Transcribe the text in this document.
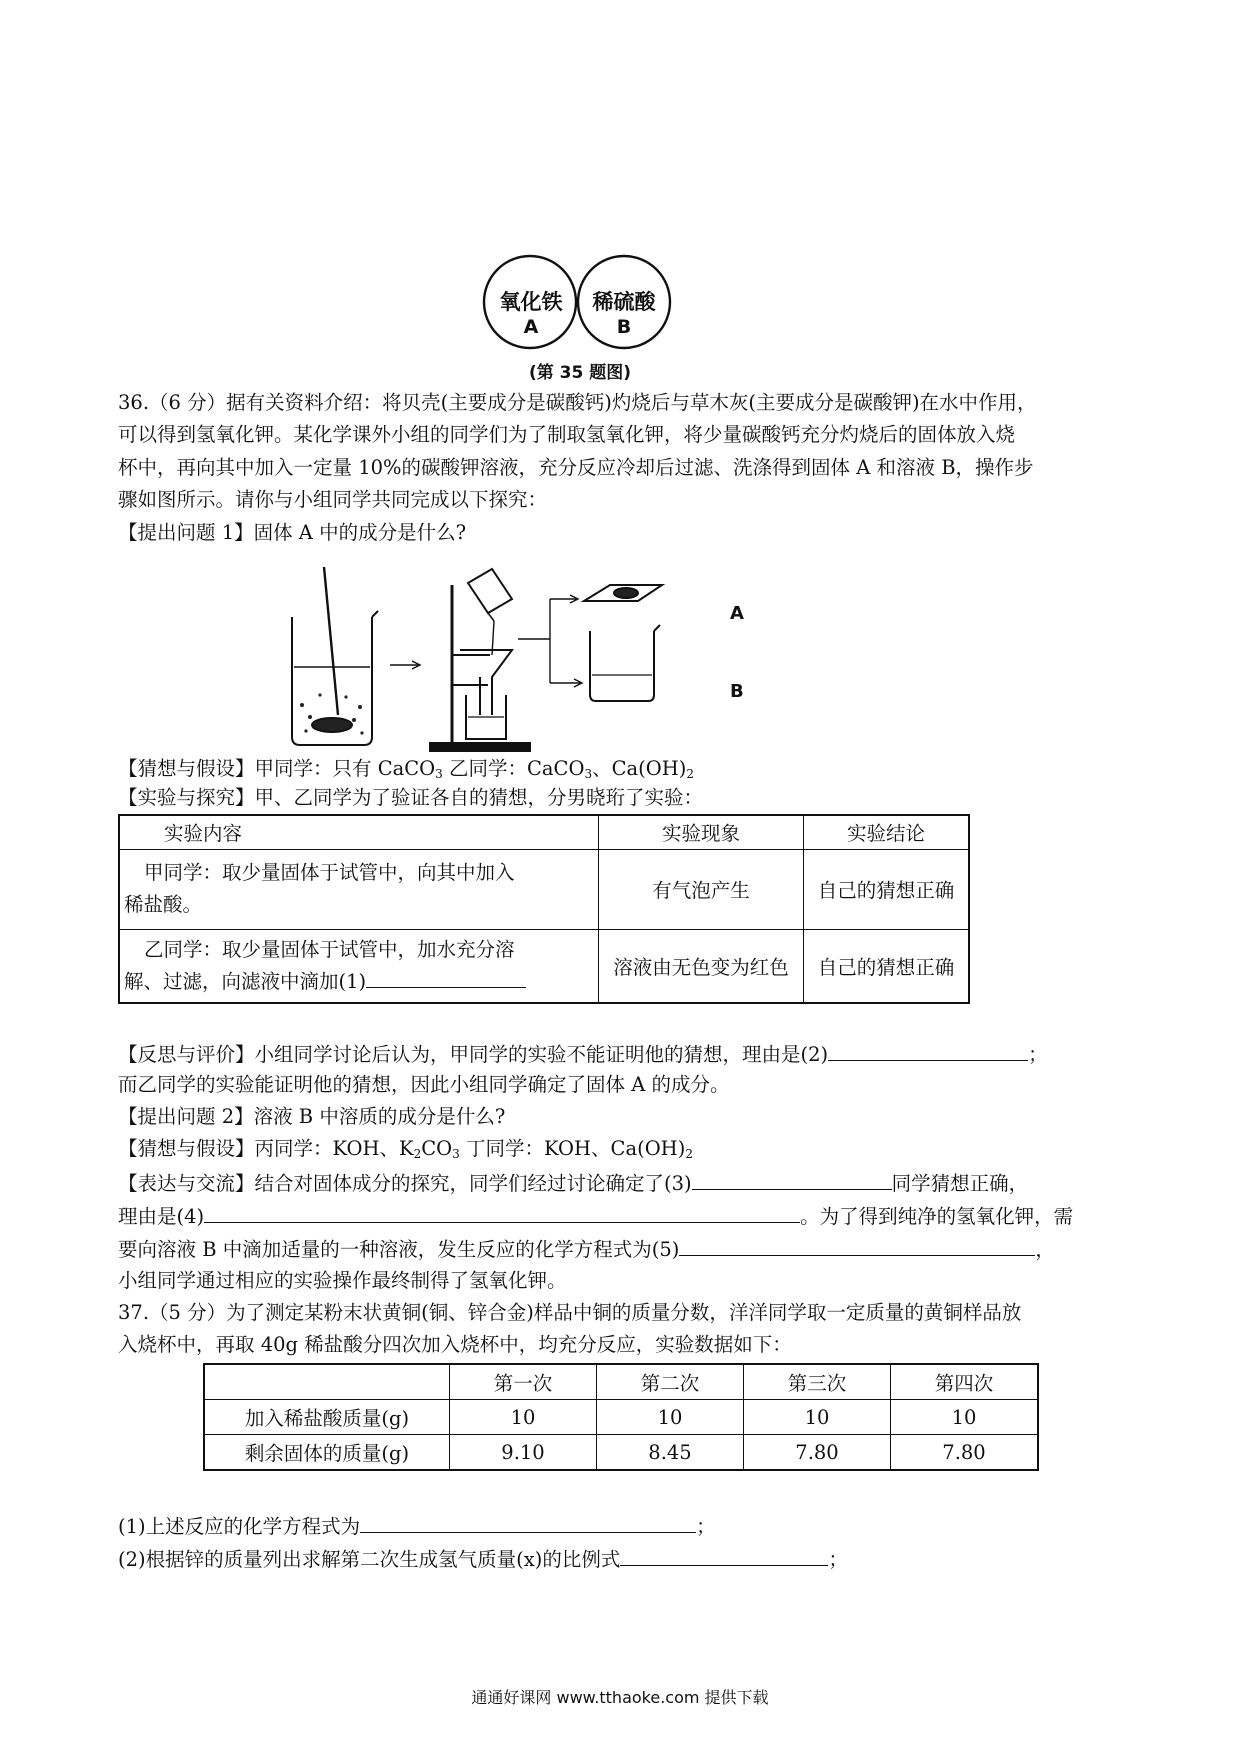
氧化铁
A
稀硫酸
B
(第 35 题图)
36.（6 分）据有关资料介绍：将贝壳(主要成分是碳酸钙)灼烧后与草木灰(主要成分是碳酸钾)在水中作用，
可以得到氢氧化钾。某化学课外小组的同学们为了制取氢氧化钾，将少量碳酸钙充分灼烧后的固体放入烧
杯中，再向其中加入一定量 10%的碳酸钾溶液，充分反应冷却后过滤、洗涤得到固体 A 和溶液 B，操作步
骤如图所示。请你与小组同学共同完成以下探究：
【提出问题 1】固体 A 中的成分是什么?
A
B
【猜想与假设】甲同学：只有 CaCO$_3$ 乙同学：CaCO$_3$、$Ca(OH)_2$
【实验与探究】甲、乙同学为了验证各自的猜想，分男晓珩了实验：
实验内容	实验现象	实验结论

甲同学：取少量固体于试管中，向其中加入
稀盐酸。	有气泡产生	自己的猜想正确

乙同学：取少量固体于试管中，加水充分溶
解、过滤，向滤液中滴加(1)	溶液由无色变为红色	自己的猜想正确
【反思与评价】小组同学讨论后认为，甲同学的实验不能证明他的猜想，理由是(2)	；
而乙同学的实验能证明他的猜想，因此小组同学确定了固体 A 的成分。
【提出问题 2】溶液 B 中溶质的成分是什么?
【猜想与假设】丙同学：KOH、$K_2CO_3$ 丁同学：KOH、$Ca(OH)_2$
【表达与交流】结合对固体成分的探究，同学们经过讨论确定了(3)	同学猜想正确，
理由是(4)	。为了得到纯净的氢氧化钾，需
要向溶液 B 中滴加适量的一种溶液，发生反应的化学方程式为(5)	，
小组同学通过相应的实验操作最终制得了氢氧化钾。
37.（5 分）为了测定某粉末状黄铜(铜、锌合金)样品中铜的质量分数，洋洋同学取一定质量的黄铜样品放
入烧杯中，再取 40g 稀盐酸分四次加入烧杯中，均充分反应，实验数据如下：
	第一次	第二次	第三次	第四次
加入稀盐酸质量(g)	10	10	10	10
剩余固体的质量(g)	9.10	8.45	7.80	7.80
(1)上述反应的化学方程式为	；
(2)根据锌的质量列出求解第二次生成氢气质量(x)的比例式	；
通通好课网 www.tthaoke.com 提供下载
